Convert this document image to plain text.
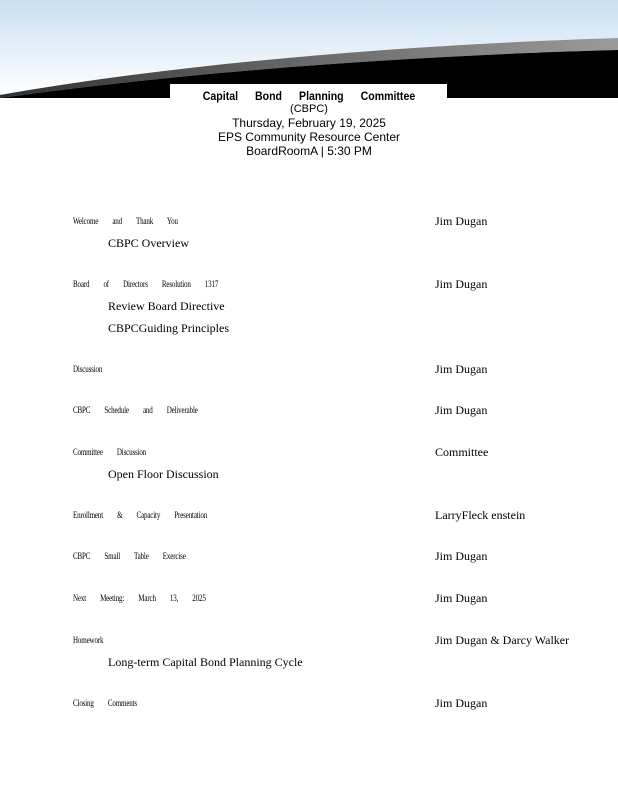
Capital Bond Planning Committee
(CBPC)
Thursday, February 19, 2025
EPS Community Resource Center
BoardRoomA | 5:30 PM
Welcome and Thank You	Jim Dugan
CBPC Overview
Board of Directors Resolution 1317	Jim Dugan
Review Board Directive
CBPCGuiding Principles
Discussion	Jim Dugan
CBPC Schedule and Deliverable	Jim Dugan
Committee Discussion	Committee
Open Floor Discussion
Enrollment & Capacity Presentation	LarryFleck enstein
CBPC Small Table Exercise	Jim Dugan
Next Meeting: March 13, 2025	Jim Dugan
Homework	Jim Dugan & Darcy Walker
Long-term Capital Bond Planning Cycle
Closing Comments	Jim Dugan
